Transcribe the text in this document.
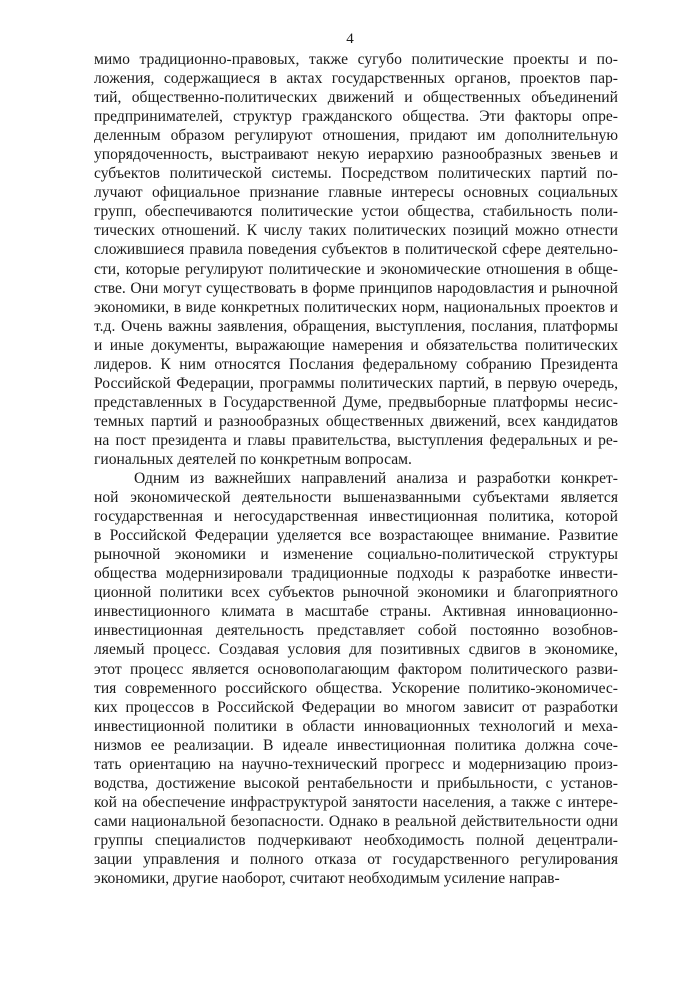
4

мимо традиционно-правовых, также сугубо политические проекты и по-
ложения, содержащиеся в актах государственных органов, проектов пар-
тий, общественно-политических движений и общественных объединений
предпринимателей, структур гражданского общества. Эти факторы опре-
деленным образом регулируют отношения, придают им дополнительную
упорядоченность, выстраивают некую иерархию разнообразных звеньев и
субъектов политической системы. Посредством политических партий по-
лучают официальное признание главные интересы основных социальных
групп, обеспечиваются политические устои общества, стабильность поли-
тических отношений. К числу таких политических позиций можно отнести
сложившиеся правила поведения субъектов в политической сфере деятельно-
сти, которые регулируют политические и экономические отношения в обще-
стве. Они могут существовать в форме принципов народовластия и рыночной
экономики, в виде конкретных политических норм, национальных проектов и
т.д. Очень важны заявления, обращения, выступления, послания, платформы
и иные документы, выражающие намерения и обязательства политических
лидеров. К ним относятся Послания федеральному собранию Президента
Российской Федерации, программы политических партий, в первую очередь,
представленных в Государственной Думе, предвыборные платформы несис-
темных партий и разнообразных общественных движений, всех кандидатов
на пост президента и главы правительства, выступления федеральных и ре-
гиональных деятелей по конкретным вопросам.

Одним из важнейших направлений анализа и разработки конкрет-
ной экономической деятельности вышеназванными субъектами является
государственная и негосударственная инвестиционная политика, которой
в Российской Федерации уделяется все возрастающее внимание. Развитие
рыночной экономики и изменение социально-политической структуры
общества модернизировали традиционные подходы к разработке инвести-
ционной политики всех субъектов рыночной экономики и благоприятного
инвестиционного климата в масштабе страны. Активная инновационно-
инвестиционная деятельность представляет собой постоянно возобнов-
ляемый процесс. Создавая условия для позитивных сдвигов в экономике,
этот процесс является основополагающим фактором политического разви-
тия современного российского общества. Ускорение политико-экономичес-
ких процессов в Российской Федерации во многом зависит от разработки
инвестиционной политики в области инновационных технологий и меха-
низмов ее реализации. В идеале инвестиционная политика должна соче-
тать ориентацию на научно-технический прогресс и модернизацию произ-
водства, достижение высокой рентабельности и прибыльности, с установ-
кой на обеспечение инфраструктурой занятости населения, а также с интере-
сами национальной безопасности. Однако в реальной действительности одни
группы специалистов подчеркивают необходимость полной децентрали-
зации управления и полного отказа от государственного регулирования
экономики, другие наоборот, считают необходимым усиление направ-
